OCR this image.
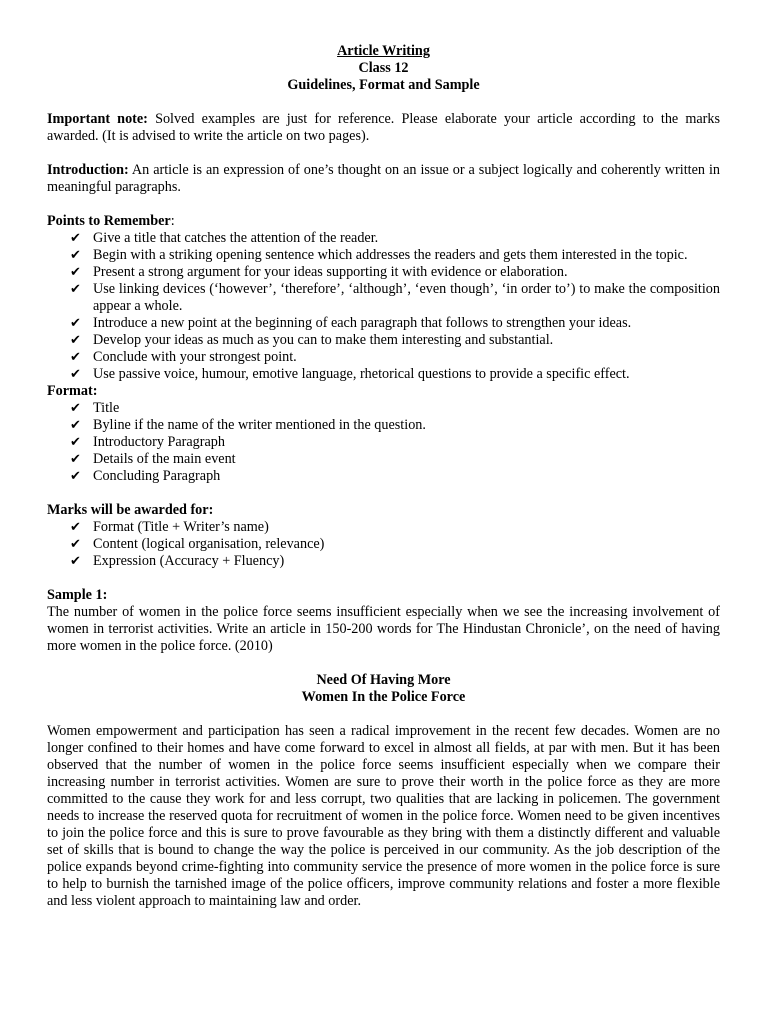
Article Writing

Class 12

Guidelines, Format and Sample

Important note: Solved examples are just for reference. Please elaborate your article according to the marks awarded. (It is advised to write the article on two pages).

Introduction: An article is an expression of one’s thought on an issue or a subject logically and coherently written in meaningful paragraphs.

Points to Remember:

✔ Give a title that catches the attention of the reader.
✔ Begin with a striking opening sentence which addresses the readers and gets them interested in the topic.
✔ Present a strong argument for your ideas supporting it with evidence or elaboration.
✔ Use linking devices (‘however’, ‘therefore’, ‘although’, ‘even though’, ‘in order to’) to make the composition appear a whole.
✔ Introduce a new point at the beginning of each paragraph that follows to strengthen your ideas.
✔ Develop your ideas as much as you can to make them interesting and substantial.
✔ Conclude with your strongest point.
✔ Use passive voice, humour, emotive language, rhetorical questions to provide a specific effect.

Format:

✔ Title
✔ Byline if the name of the writer mentioned in the question.
✔ Introductory Paragraph
✔ Details of the main event
✔ Concluding Paragraph

Marks will be awarded for:

✔ Format (Title + Writer’s name)
✔ Content (logical organisation, relevance)
✔ Expression (Accuracy + Fluency)

Sample 1:

The number of women in the police force seems insufficient especially when we see the increasing involvement of women in terrorist activities. Write an article in 150-200 words for The Hindustan Chronicle’, on the need of having more women in the police force. (2010)

Need Of Having More

Women In the Police Force

Women empowerment and participation has seen a radical improvement in the recent few decades. Women are no longer confined to their homes and have come forward to excel in almost all fields, at par with men. But it has been observed that the number of women in the police force seems insufficient especially when we compare their increasing number in terrorist activities. Women are sure to prove their worth in the police force as they are more committed to the cause they work for and less corrupt, two qualities that are lacking in policemen. The government needs to increase the reserved quota for recruitment of women in the police force. Women need to be given incentives to join the police force and this is sure to prove favourable as they bring with them a distinctly different and valuable set of skills that is bound to change the way the police is perceived in our community. As the job description of the police expands beyond crime-fighting into community service the presence of more women in the police force is sure to help to burnish the tarnished image of the police officers, improve community relations and foster a more flexible and less violent approach to maintaining law and order.
